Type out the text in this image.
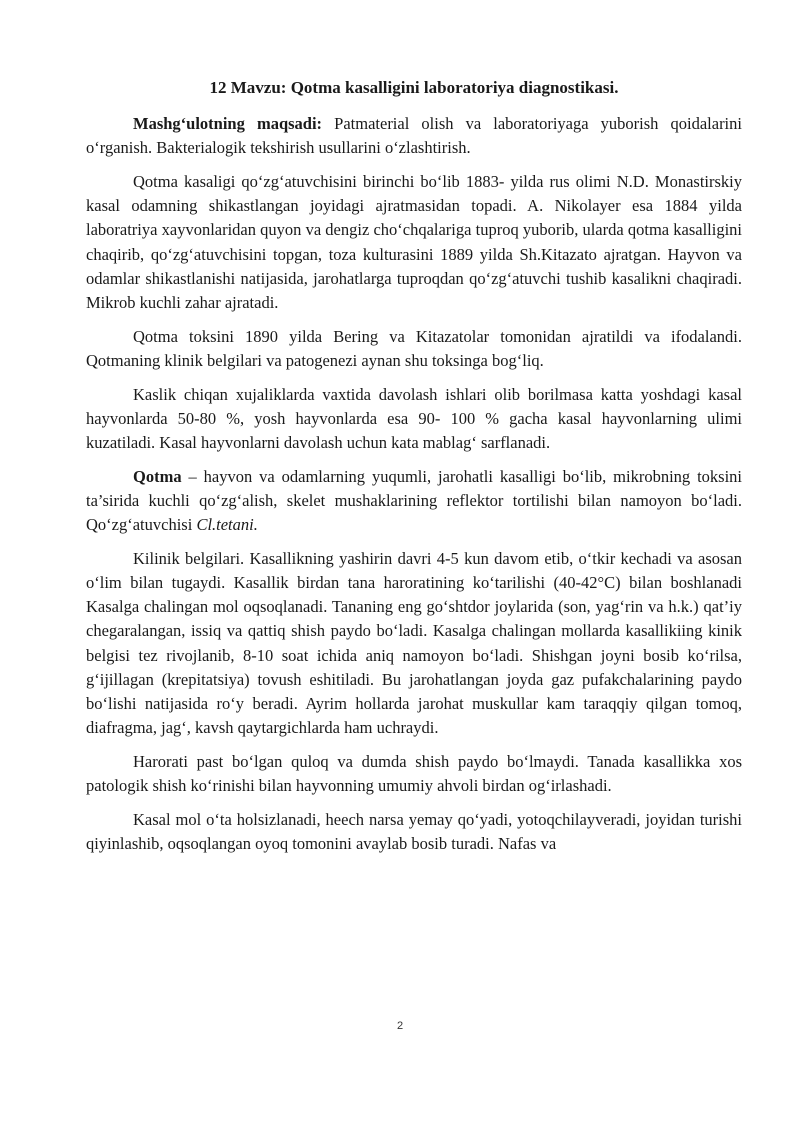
12 Mavzu: Qotma kasalligini laboratoriya diagnostikasi.

Mashg‘ulotning maqsadi: Patmaterial olish va laboratoriyaga yuborish qoidalarini o‘rganish. Bakterialogik tekshirish usullarini o‘zlashtirish.

Qotma kasaligi qo‘zg‘atuvchisini birinchi bo‘lib 1883- yilda rus olimi N.D. Monastirskiy kasal odamning shikastlangan joyidagi ajratmasidan topadi. A. Nikolayer esa 1884 yilda laboratriya xayvonlaridan quyon va dengiz cho‘chqalariga tuproq yuborib, ularda qotma kasalligini chaqirib, qo‘zg‘atuvchisini topgan, toza kulturasini 1889 yilda Sh.Kitazato ajratgan. Hayvon va odamlar shikastlanishi natijasida, jarohatlarga tuproqdan qo‘zg‘atuvchi tushib kasalikni chaqiradi. Mikrob kuchli zahar ajratadi.

Qotma toksini 1890 yilda Bering va Kitazatolar tomonidan ajratildi va ifodalandi. Qotmaning klinik belgilari va patogenezi aynan shu toksinga bog‘liq.

Kaslik chiqan xujaliklarda vaxtida davolash ishlari olib borilmasa katta yoshdagi kasal hayvonlarda 50-80 %, yosh hayvonlarda esa 90- 100 % gacha kasal hayvonlarning ulimi kuzatiladi. Kasal hayvonlarni davolash uchun kata mablag‘ sarflanadi.

Qotma – hayvon va odamlarning yuqumli, jarohatli kasalligi bo‘lib, mikrobning toksini ta’sirida kuchli qo‘zg‘alish, skelet mushaklarining reflektor tortilishi bilan namoyon bo‘ladi. Qo‘zg‘atuvchisi Cl.tetani.

Kilinik belgilari. Kasallikning yashirin davri 4-5 kun davom etib, o‘tkir kechadi va asosan o‘lim bilan tugaydi. Kasallik birdan tana haroratining ko‘tarilishi (40-42°C) bilan boshlanadi Kasalga chalingan mol oqsoqlanadi. Tananing eng go‘shtdor joylarida (son, yag‘rin va h.k.) qat’iy chegaralangan, issiq va qattiq shish paydo bo‘ladi. Kasalga chalingan mollarda kasallikiing kinik belgisi tez rivojlanib, 8-10 soat ichida aniq namoyon bo‘ladi. Shishgan joyni bosib ko‘rilsa, g‘ijillagan (krepitatsiya) tovush eshitiladi. Bu jarohatlangan joyda gaz pufakchalarining paydo bo‘lishi natijasida ro‘y beradi. Ayrim hollarda jarohat muskullar kam taraqqiy qilgan tomoq, diafragma, jag‘, kavsh qaytargichlarda ham uchraydi.

Harorati past bo‘lgan quloq va dumda shish paydo bo‘lmaydi. Tanada kasallikka xos patologik shish ko‘rinishi bilan hayvonning umumiy ahvoli birdan og‘irlashadi.

Kasal mol o‘ta holsizlanadi, heech narsa yemay qo‘yadi, yotoqchilayveradi, joyidan turishi qiyinlashib, oqsoqlangan oyoq tomonini avaylab bosib turadi. Nafas va

2
